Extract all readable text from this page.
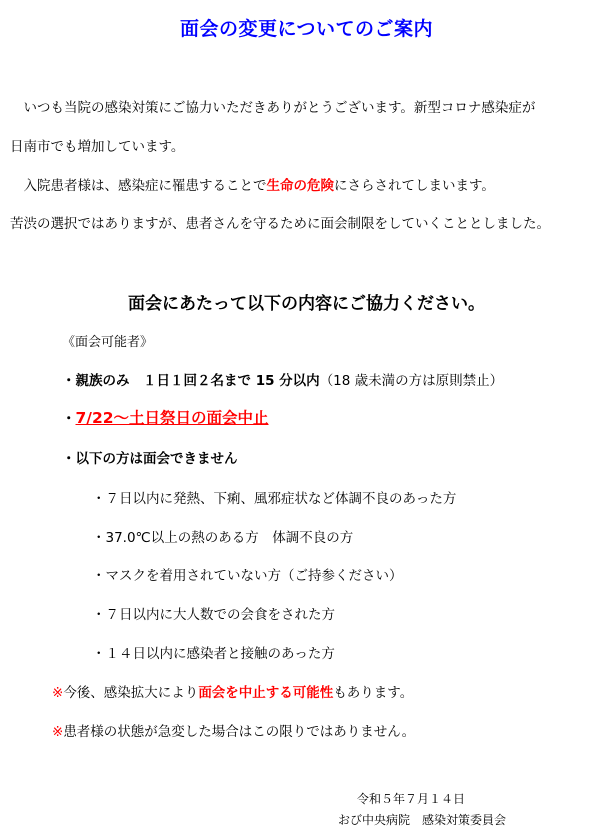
面会の変更についてのご案内
　いつも当院の感染対策にご協力いただきありがとうございます。新型コロナ感染症が
日南市でも増加しています。
　入院患者様は、感染症に罹患することで生命の危険にさらされてしまいます。
苦渋の選択ではありますが、患者さんを守るために面会制限をしていくこととしました。
面会にあたって以下の内容にご協力ください。
《面会可能者》
・親族のみ　１日１回２名まで 15 分以内（18 歳未満の方は原則禁止）
・7/22～土日祭日の面会中止
・以下の方は面会できません
・７日以内に発熱、下痢、風邪症状など体調不良のあった方
・37.0℃以上の熱のある方　体調不良の方
・マスクを着用されていない方（ご持参ください）
・７日以内に大人数での会食をされた方
・１４日以内に感染者と接触のあった方
※今後、感染拡大により面会を中止する可能性もあります。
※患者様の状態が急変した場合はこの限りではありません。
令和５年７月１４日
おび中央病院　感染対策委員会
